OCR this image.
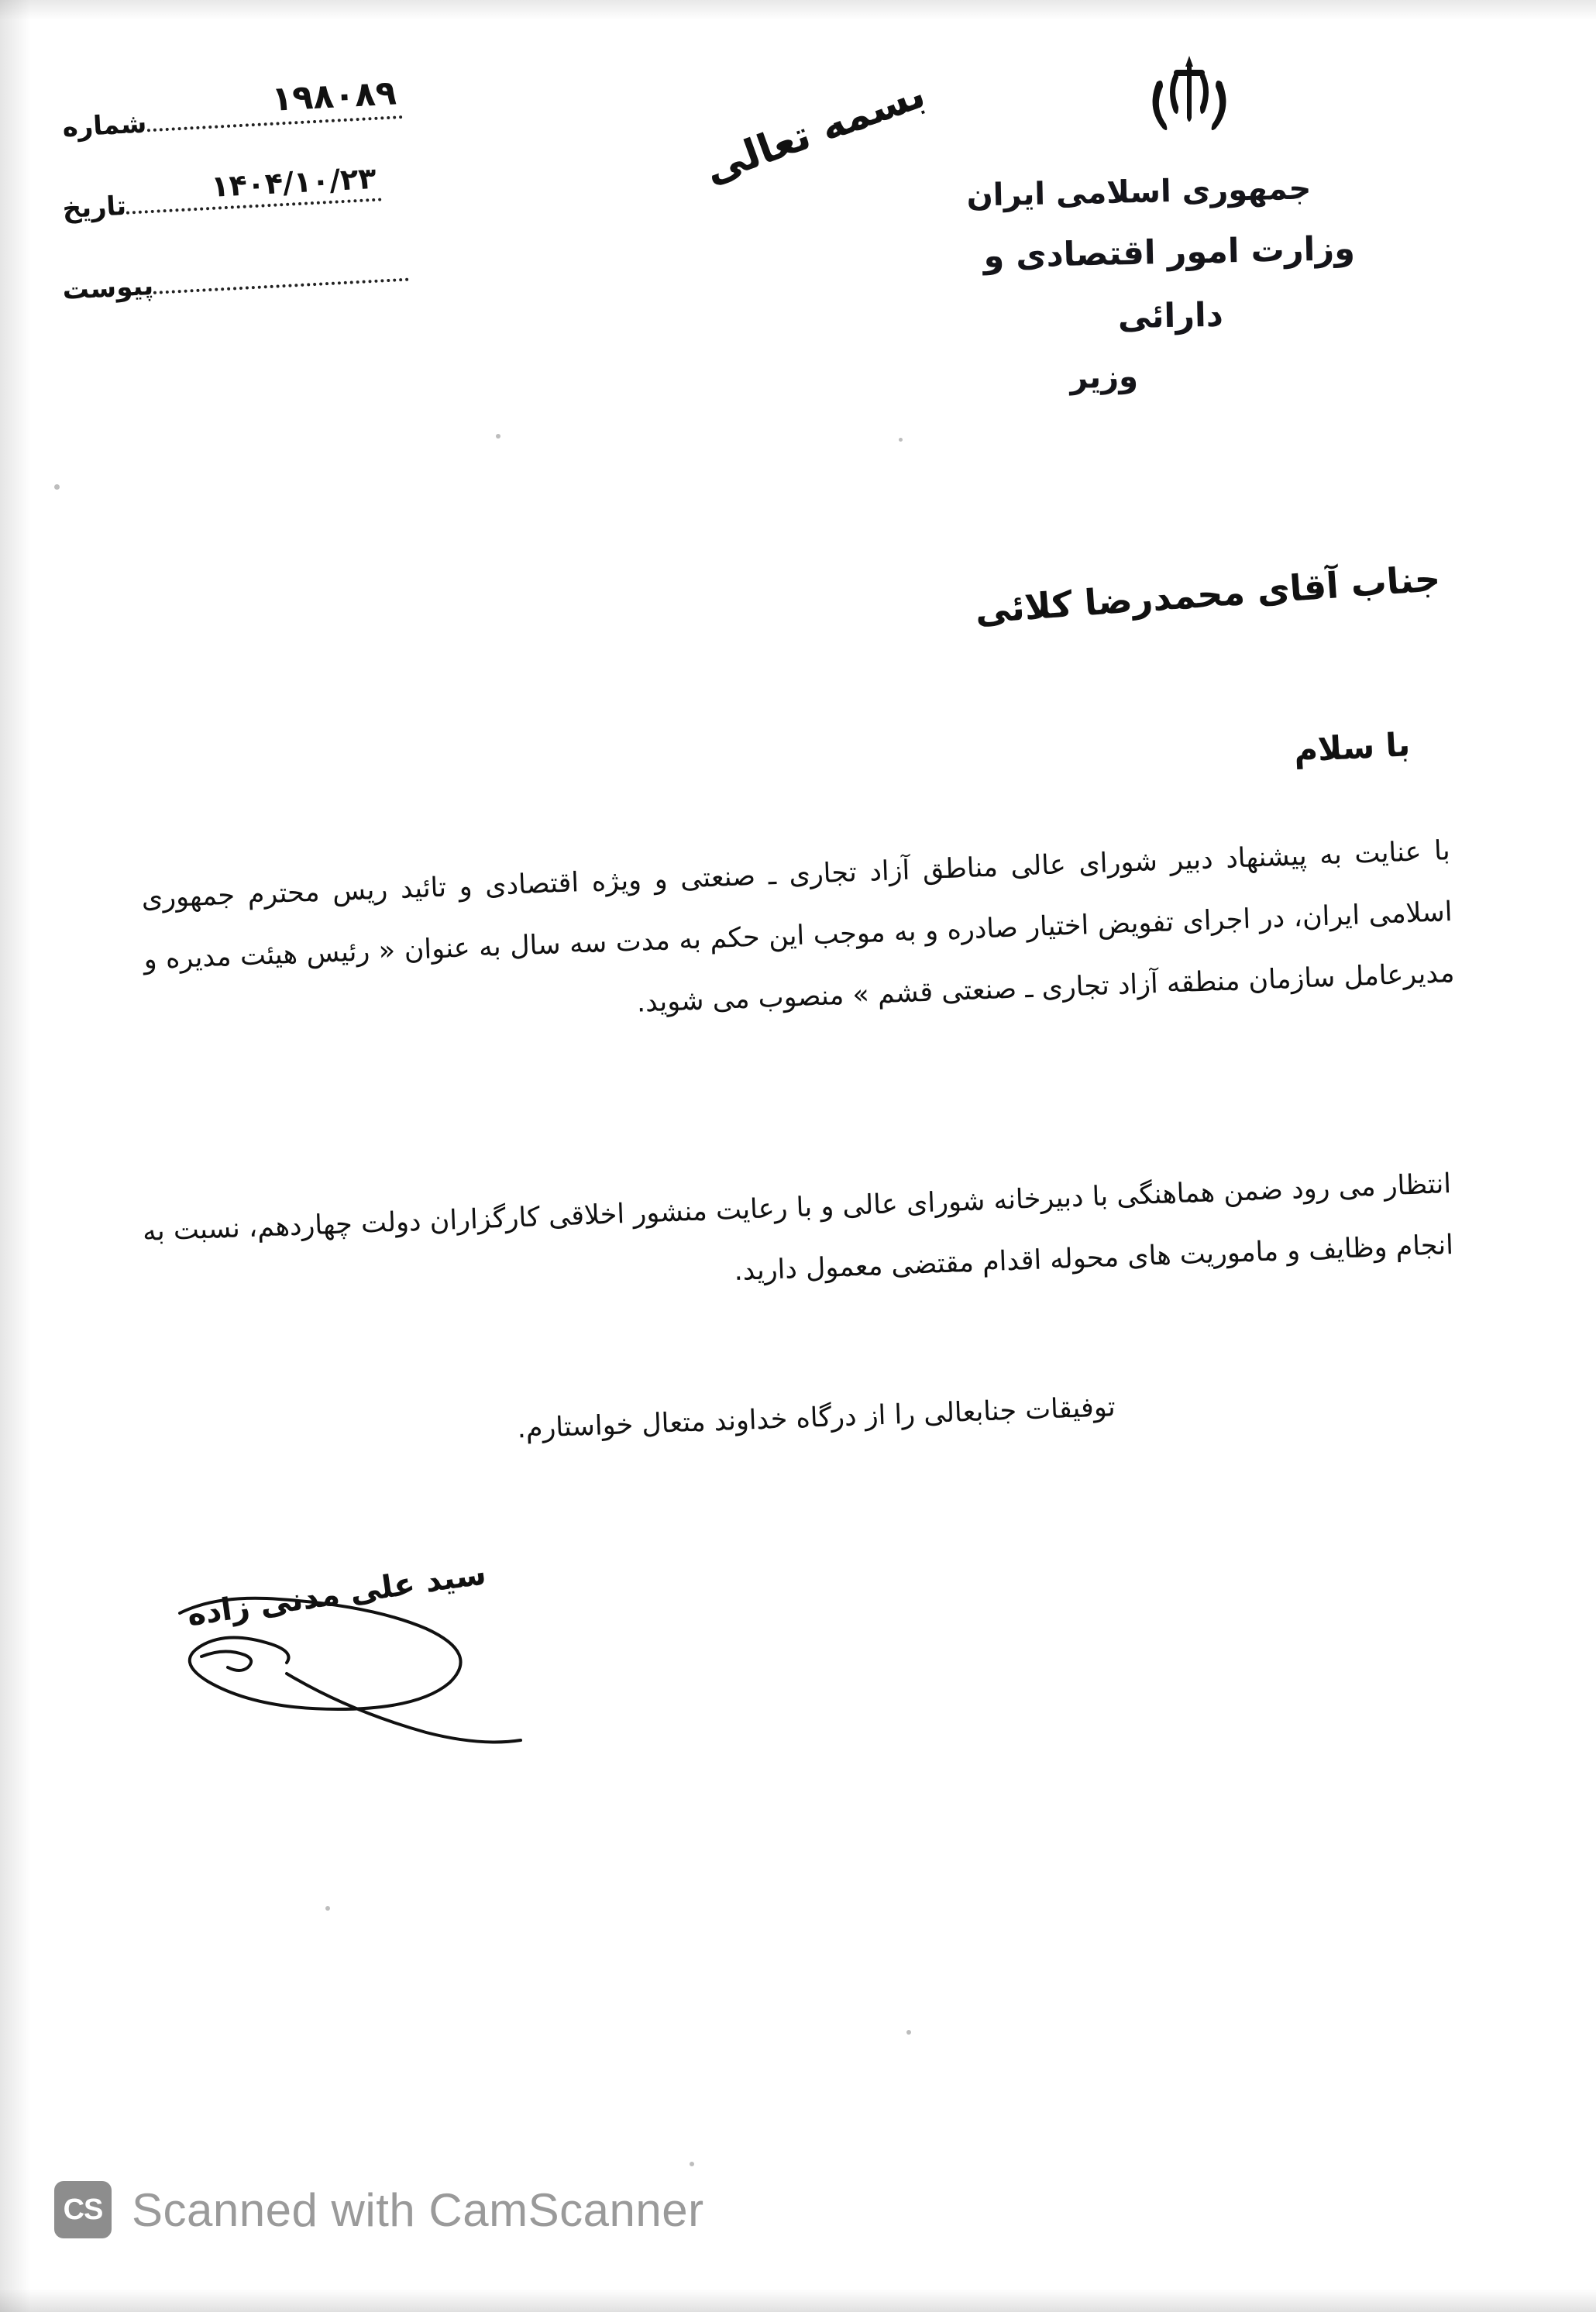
جمهوری اسلامی ایران
وزارت امور اقتصادی و دارائی
وزیر
بسمه تعالی
شماره
۱۹۸۰۸۹
تاریخ
۱۴۰۴/۱۰/۲۳
پیوست
جناب آقای محمدرضا کلائی
با سلام
با عنایت به پیشنهاد دبیر شورای عالی مناطق آزاد تجاری ـ صنعتی و ویژه اقتصادی و تائید ریس محترم جمهوری اسلامی ایران، در اجرای تفویض اختیار صادره و به موجب این حکم به مدت سه سال به عنوان « رئیس هیئت مدیره و مدیرعامل سازمان منطقه آزاد تجاری ـ صنعتی قشم » منصوب می شوید.
انتظار می رود ضمن هماهنگی با دبیرخانه شورای عالی و با رعایت منشور اخلاقی کارگزاران دولت چهاردهم، نسبت به انجام وظایف و ماموریت های محوله اقدام مقتضی معمول دارید.
توفیقات جنابعالی را از درگاه خداوند متعال خواستارم.
سید علی مدنی زاده
CS Scanned with CamScanner
